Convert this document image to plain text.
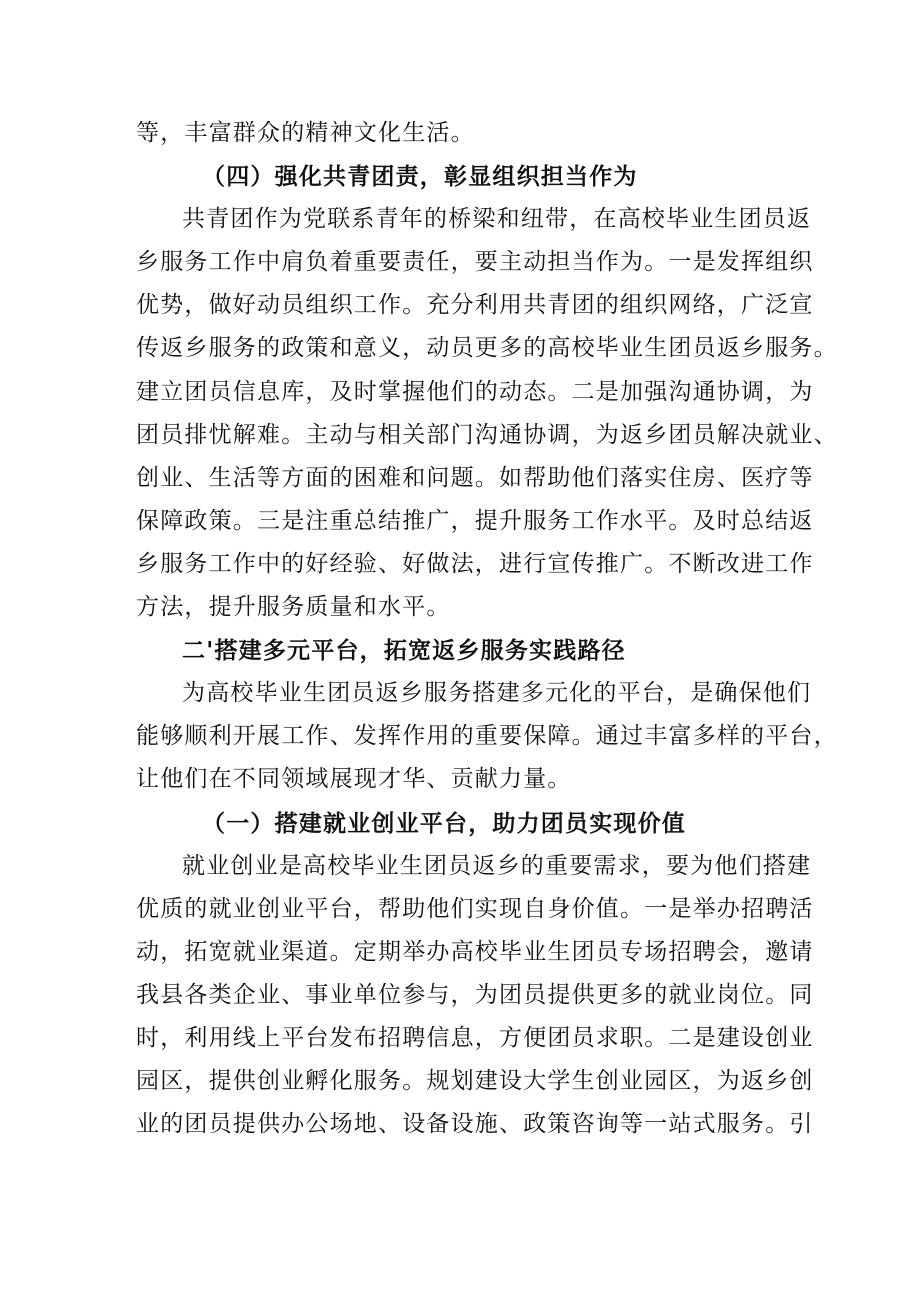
等，丰富群众的精神文化生活。
（四）强化共青团责，彰显组织担当作为
共青团作为党联系青年的桥梁和纽带，在高校毕业生团员返
乡服务工作中肩负着重要责任，要主动担当作为。一是发挥组织
优势，做好动员组织工作。充分利用共青团的组织网络，广泛宣
传返乡服务的政策和意义，动员更多的高校毕业生团员返乡服务。
建立团员信息库，及时掌握他们的动态。二是加强沟通协调，为
团员排忧解难。主动与相关部门沟通协调，为返乡团员解决就业、
创业、生活等方面的困难和问题。如帮助他们落实住房、医疗等
保障政策。三是注重总结推广，提升服务工作水平。及时总结返
乡服务工作中的好经验、好做法，进行宣传推广。不断改进工作
方法，提升服务质量和水平。
二'搭建多元平台，拓宽返乡服务实践路径
为高校毕业生团员返乡服务搭建多元化的平台，是确保他们
能够顺利开展工作、发挥作用的重要保障。通过丰富多样的平台，
让他们在不同领域展现才华、贡献力量。
（一）搭建就业创业平台，助力团员实现价值
就业创业是高校毕业生团员返乡的重要需求，要为他们搭建
优质的就业创业平台，帮助他们实现自身价值。一是举办招聘活
动，拓宽就业渠道。定期举办高校毕业生团员专场招聘会，邀请
我县各类企业、事业单位参与，为团员提供更多的就业岗位。同
时，利用线上平台发布招聘信息，方便团员求职。二是建设创业
园区，提供创业孵化服务。规划建设大学生创业园区，为返乡创
业的团员提供办公场地、设备设施、政策咨询等一站式服务。引
